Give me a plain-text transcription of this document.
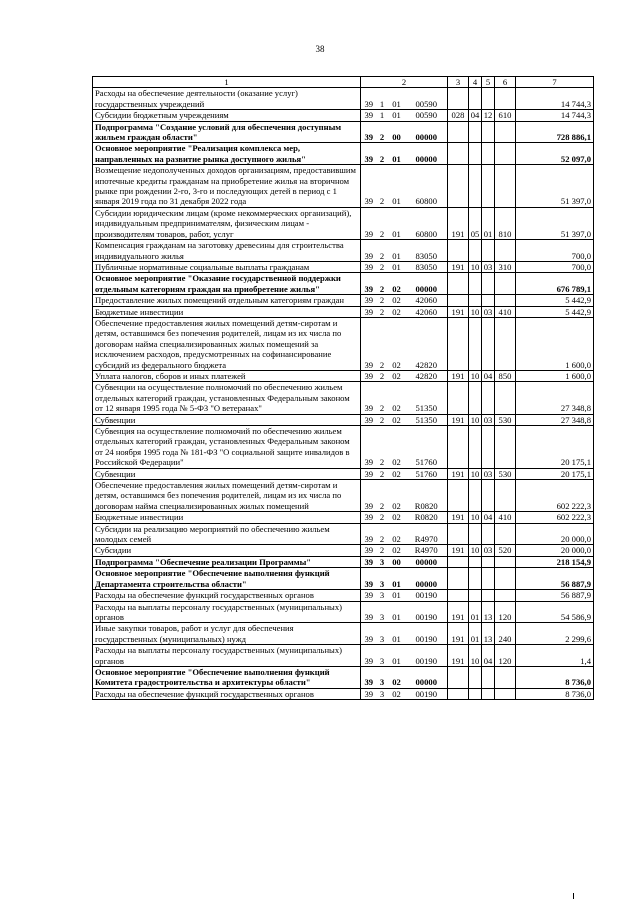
38
1	2				3	4	5	6	7
Расходы на обеспечение деятельности (оказание услуг) государственных учреждений	39	1	01	00590					14 744,3
Субсидии бюджетным учреждениям	39	1	01	00590	028	04	12	610	14 744,3
Подпрограмма "Создание условий для обеспечения доступным жильем граждан области"	39	2	00	00000					728 886,1
Основное мероприятие "Реализация комплекса мер, направленных на развитие рынка доступного жилья"	39	2	01	00000					52 097,0
Возмещение недополученных доходов организациям, предоставившим ипотечные кредиты гражданам на приобретение жилья на вторичном рынке при рождении 2-го, 3-го и последующих детей в период с 1 января 2019 года по 31 декабря 2022 года	39	2	01	60800					51 397,0
Субсидии юридическим лицам (кроме некоммерческих организаций), индивидуальным предпринимателям, физическим лицам - производителям товаров, работ, услуг	39	2	01	60800	191	05	01	810	51 397,0
Компенсация гражданам на заготовку древесины для строительства индивидуального жилья	39	2	01	83050					700,0
Публичные нормативные социальные выплаты гражданам	39	2	01	83050	191	10	03	310	700,0
Основное мероприятие "Оказание государственной поддержки отдельным категориям граждан на приобретение жилья"	39	2	02	00000					676 789,1
Предоставление жилых помещений отдельным категориям граждан	39	2	02	42060					5 442,9
Бюджетные инвестиции	39	2	02	42060	191	10	03	410	5 442,9
Обеспечение предоставления жилых помещений детям-сиротам и детям, оставшимся без попечения родителей, лицам из их числа по договорам найма специализированных жилых помещений за исключением расходов, предусмотренных на софинансирование субсидий из федерального бюджета	39	2	02	42820					1 600,0
Уплата налогов, сборов и иных платежей	39	2	02	42820	191	10	04	850	1 600,0
Субвенции на осуществление полномочий по обеспечению жильем отдельных категорий граждан, установленных Федеральным законом от 12 января 1995 года № 5-ФЗ "О ветеранах"	39	2	02	51350					27 348,8
Субвенции	39	2	02	51350	191	10	03	530	27 348,8
Субвенция на осуществление полномочий по обеспечению жильем отдельных категорий граждан, установленных Федеральным законом от 24 ноября 1995 года № 181-ФЗ "О социальной защите инвалидов в Российской Федерации"	39	2	02	51760					20 175,1
Субвенции	39	2	02	51760	191	10	03	530	20 175,1
Обеспечение предоставления жилых помещений детям-сиротам и детям, оставшимся без попечения родителей, лицам из их числа по договорам найма специализированных жилых помещений	39	2	02	R0820					602 222,3
Бюджетные инвестиции	39	2	02	R0820	191	10	04	410	602 222,3
Субсидии на реализацию мероприятий по обеспечению жильем молодых семей	39	2	02	R4970					20 000,0
Субсидии	39	2	02	R4970	191	10	03	520	20 000,0
Подпрограмма "Обеспечение реализации Программы"	39	3	00	00000					218 154,9
Основное мероприятие "Обеспечение выполнения функций Департамента строительства области"	39	3	01	00000					56 887,9
Расходы на обеспечение функций государственных органов	39	3	01	00190					56 887,9
Расходы на выплаты персоналу государственных (муниципальных) органов	39	3	01	00190	191	01	13	120	54 586,9
Иные закупки товаров, работ и услуг для обеспечения государственных (муниципальных) нужд	39	3	01	00190	191	01	13	240	2 299,6
Расходы на выплаты персоналу государственных (муниципальных) органов	39	3	01	00190	191	10	04	120	1,4
Основное мероприятие "Обеспечение выполнения функций Комитета градостроительства и архитектуры области"	39	3	02	00000					8 736,0
Расходы на обеспечение функций государственных органов	39	3	02	00190					8 736,0
